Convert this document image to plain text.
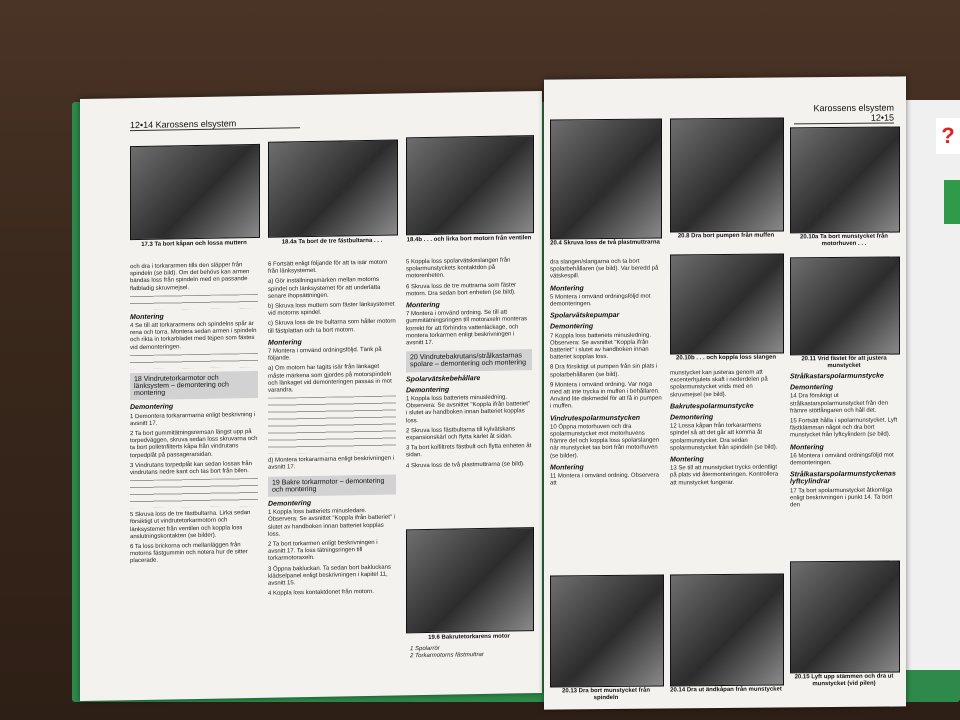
?
12•14 Karossens elsystem
17.3 Ta bort kåpan och lossa muttern	18.4a Ta bort de tre fästbultarna . . .	18.4b . . . och lirka bort motorn från ventilen

och dra i torkararmen tills den släpper från spindeln (se bild). Om det behövs kan armen bändas loss från spindeln med en passande flatbladig skruvmejsel.

Montering

4 Se till att torkararmens och spindelns spår är rena och torra. Montera sedan armen i spindeln och rikta in torkarbladet med tejpen som fästes vid demonteringen.

18 Vindrutetorkarmotor och länksystem – demontering och montering
Demontering

1 Demontera torkararmarna enligt beskrivning i avsnitt 17.

2 Ta bort gummitätningsremsan längst upp på torpedväggen, skruva sedan loss skruvarna och ta bort polletnfilterts kåpa från vindrutans torpedplåt på passagerarsidan.

3 Vindrutans torpedplåt kan sedan lossas från vindrutans nedre kant och tas bort från bilen.

5 Skruva loss de tre fästbultarna. Lirka sedan försiktigt ut vindrutetorkarmotorn och länksystemet från ventilen och koppla loss anslutningskontakten (se bilder).

6 Ta loss brickorna och mellanläggen från motorns fästgummin och notera hur de sitter placerade.

6 Fortsätt enligt följande för att ta isär motorn från länksystemet.

a) Gör inställningsmärken mellan motorns spindel och länksystemet för att underlätta senare ihopsättningen.

b) Skruva loss muttern som fäster länksystemet vid motorns spindel.

c) Skruva loss de tre bultarna som håller motorn till fästplattan och ta bort motorn.

Montering

7 Montera i omvänd ordningsföljd. Tänk på följande.

a) Om motorn har tagits isär från länkaget måste märkena som gjordes på motorspindeln och länkaget vid demonteringen passas in mot varandra.

d) Montera torkararmarna enligt beskrivningen i avsnitt 17.

19 Bakre torkarmotor – demontering och montering
Demontering

1 Koppla loss batteriets minusledare. Observera: Se avsnittet "Koppla ifrån batteriet" i slutet av handboken innan batteriet kopplas loss.

2 Ta bort torkarmen enligt beskrivningen i avsnitt 17. Ta loss tätningsringen till torkarmotoraxeln.

3 Öppna bakluckan. Ta sedan bort bakluckans klädselpanel enligt beskrivningen i kapitel 11, avsnitt 15.

4 Koppla loss kontaktdonet från motorn.

5 Koppla loss spolarvätskeslangen från spolarmunstyckets kontaktdon på motorenheten.

6 Skruva loss de tre muttrarna som fäster motorn. Dra sedan bort enheten (se bild).

Montering

7 Montera i omvänd ordning. Se till att gummitätningsringen till motoraxeln monteras korrekt för att förhindra vattenläckage, och montera torkarmen enligt beskrivningen i avsnitt 17.

20 Vindrutebakrutans/strålkastarnas spolare – demontering och montering
Spolarvätskebehållare
Demontering

1 Koppla loss batteriets minusledning. Observera: Se avsnittet "Koppla ifrån batteriet" i slutet av handboken innan batteriet kopplas loss.

2 Skruva loss fästbultarna till kylvätskans expansionskärl och flytta kärlet åt sidan.

3 Ta bort kolfiltrets fästbult och flytta enheten åt sidan.

4 Skruva loss de två plastmuttrarna (se bild).

19.6 Bakrutetorkarens motor
1 Spolarrör
2 Torkarmotorns fästmuttrar
Karossens elsystem 12•15
20.4 Skruva loss de två plastmuttrarna
20.8 Dra bort pumpen från muffen	20.10a Ta bort munstycket från motorhuven . . .

dra slangen/slangarna och ta bort spolarbehållaren (se bild). Var beredd på vätskespill.

Montering

5 Montera i omvänd ordningsföljd mot demonteringen.

Spolarvätskepumpar
Demontering

7 Koppla loss batteriets minusledning. Observera: Se avsnittet "Koppla ifrån batteriet" i slutet av handboken innan batteriet kopplas loss.

8 Dra försiktigt ut pumpen från sin plats i spolarbehållaren (se bild).

9 Montera i omvänd ordning. Var noga med att inte trycka in muffen i behållaren. Använd lite diskmedel för att få in pumpen i muffen.

Vindrutespolarmunstycken

10 Öppna motorhuven och dra spolarmunstycket mot motorhuvens främre del och koppla loss spolarslangen när munstycket tas bort från motorhuven (se bilder).

Montering

11 Montera i omvänd ordning. Observera att

20.10b . . . och koppla loss slangen	20.11 Vrid fästet för att justera munstycket

munstycket kan justeras genom att excenterhjulets skaft i nederdelen på spolarmunstycket vrids med en skruvmejsel (se bild).

Bakrutespolarmunstycke
Demontering

12 Lossa kåpan från torkararmens spindel så att det går att komma åt spolarmunstycket. Dra sedan spolarmunstycket från spindeln (se bild).

Montering

13 Se till att munstycket trycks ordentligt på plats vid återmonteringen. Kontrollera att munstycket fungerar.

Strålkastarspolarmunstycke
Demontering

14 Dra försiktigt ut strålkastarspolarmunstycket från den främre stötfångaren och håll det.

15 Fortsätt hålla i spolarmunstycket. Lyft fästklämman något och dra bort munstycket från lyftcylindern (se bild).

Montering

16 Montera i omvänd ordningsföljd mot demonteringen.

Strålkastarspolarmunstyckenas lyftcylindrar

17 Ta bort spolarmunstycket åtkomliga enligt beskrivningen i punkt 14. Ta bort den

20.13 Dra bort munstycket från spindeln
20.14 Dra ut ändkåpan från munstycket
20.15 Lyft upp stämmen och dra ut munstycket (vid pilen)
